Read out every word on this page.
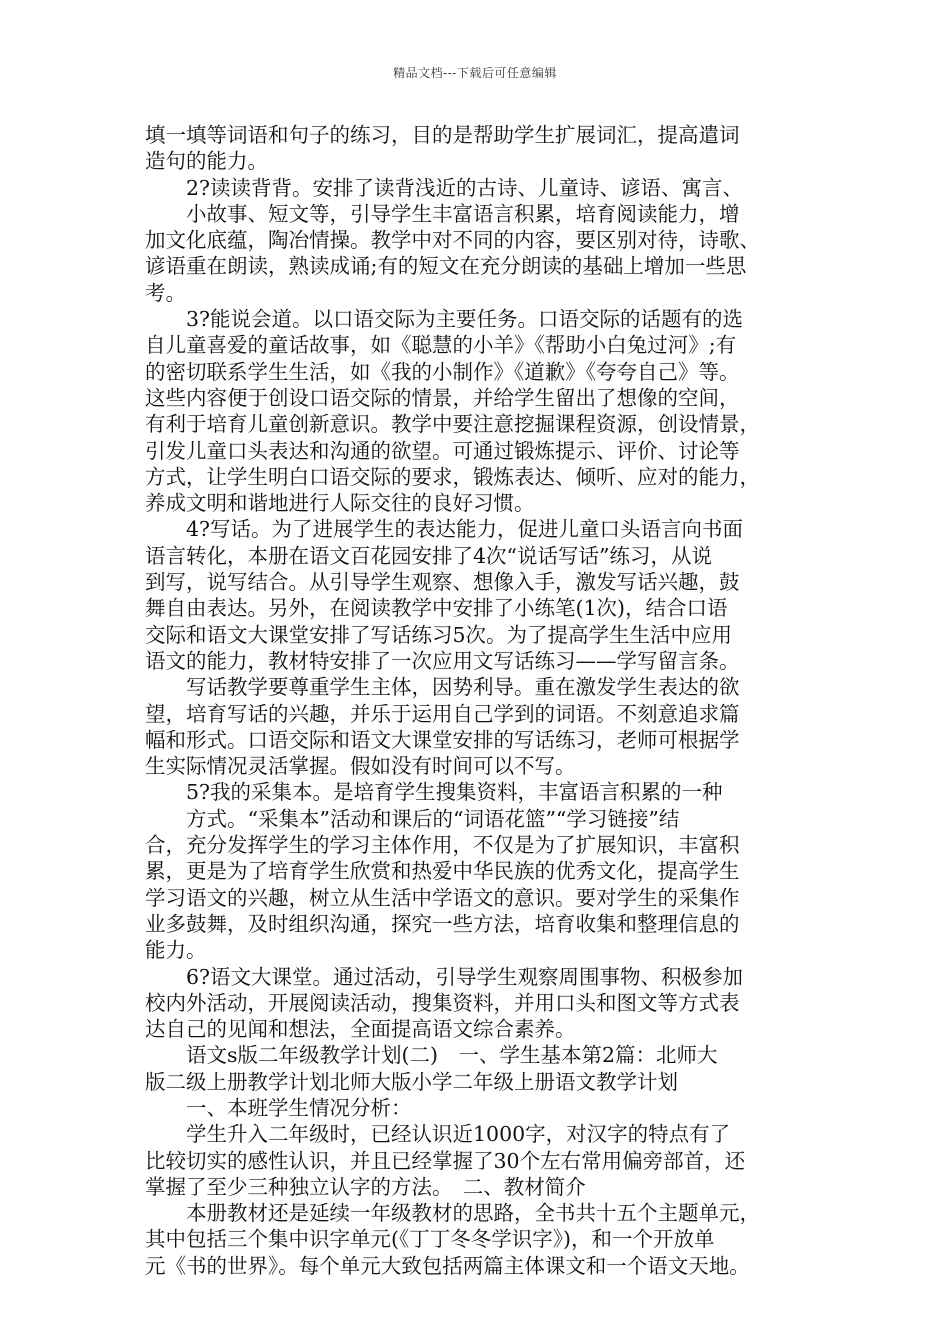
精品文档---下载后可任意编辑
填一填等词语和句子的练习，目的是帮助学生扩展词汇，提高遣词
造句的能力。
　　2?读读背背。安排了读背浅近的古诗、儿童诗、谚语、寓言、
　　小故事、短文等，引导学生丰富语言积累，培育阅读能力，增
加文化底蕴，陶冶情操。教学中对不同的内容，要区别对待，诗歌、
谚语重在朗读，熟读成诵;有的短文在充分朗读的基础上增加一些思
考。
　　3?能说会道。以口语交际为主要任务。口语交际的话题有的选
自儿童喜爱的童话故事，如《聪慧的小羊》《帮助小白兔过河》;有
的密切联系学生生活，如《我的小制作》《道歉》《夸夸自己》等。
这些内容便于创设口语交际的情景，并给学生留出了想像的空间，
有利于培育儿童创新意识。教学中要注意挖掘课程资源，创设情景，
引发儿童口头表达和沟通的欲望。可通过锻炼提示、评价、讨论等
方式，让学生明白口语交际的要求，锻炼表达、倾听、应对的能力，
养成文明和谐地进行人际交往的良好习惯。
　　4?写话。为了进展学生的表达能力，促进儿童口头语言向书面
语言转化，本册在语文百花园安排了4次“说话写话”练习，从说
到写，说写结合。从引导学生观察、想像入手，激发写话兴趣，鼓
舞自由表达。另外，在阅读教学中安排了小练笔(1次)，结合口语
交际和语文大课堂安排了写话练习5次。为了提高学生生活中应用
语文的能力，教材特安排了一次应用文写话练习——学写留言条。
　　写话教学要尊重学生主体，因势利导。重在激发学生表达的欲
望，培育写话的兴趣，并乐于运用自己学到的词语。不刻意追求篇
幅和形式。口语交际和语文大课堂安排的写话练习，老师可根据学
生实际情况灵活掌握。假如没有时间可以不写。
　　5?我的采集本。是培育学生搜集资料，丰富语言积累的一种
　　方式。“采集本”活动和课后的“词语花篮”“学习链接”结
合，充分发挥学生的学习主体作用，不仅是为了扩展知识，丰富积
累，更是为了培育学生欣赏和热爱中华民族的优秀文化，提高学生
学习语文的兴趣，树立从生活中学语文的意识。要对学生的采集作
业多鼓舞，及时组织沟通，探究一些方法，培育收集和整理信息的
能力。
　　6?语文大课堂。通过活动，引导学生观察周围事物、积极参加
校内外活动，开展阅读活动，搜集资料，并用口头和图文等方式表
达自己的见闻和想法，全面提高语文综合素养。
　　语文s版二年级教学计划(二)　一、学生基本第2篇：北师大
版二级上册教学计划北师大版小学二年级上册语文教学计划
　　一、本班学生情况分析：
　　学生升入二年级时，已经认识近1000字，对汉字的特点有了
比较切实的感性认识，并且已经掌握了30个左右常用偏旁部首，还
掌握了至少三种独立认字的方法。　二、教材简介
　　本册教材还是延续一年级教材的思路，全书共十五个主题单元，
其中包括三个集中识字单元(《丁丁冬冬学识字》)，和一个开放单
元《书的世界》。每个单元大致包括两篇主体课文和一个语文天地。
